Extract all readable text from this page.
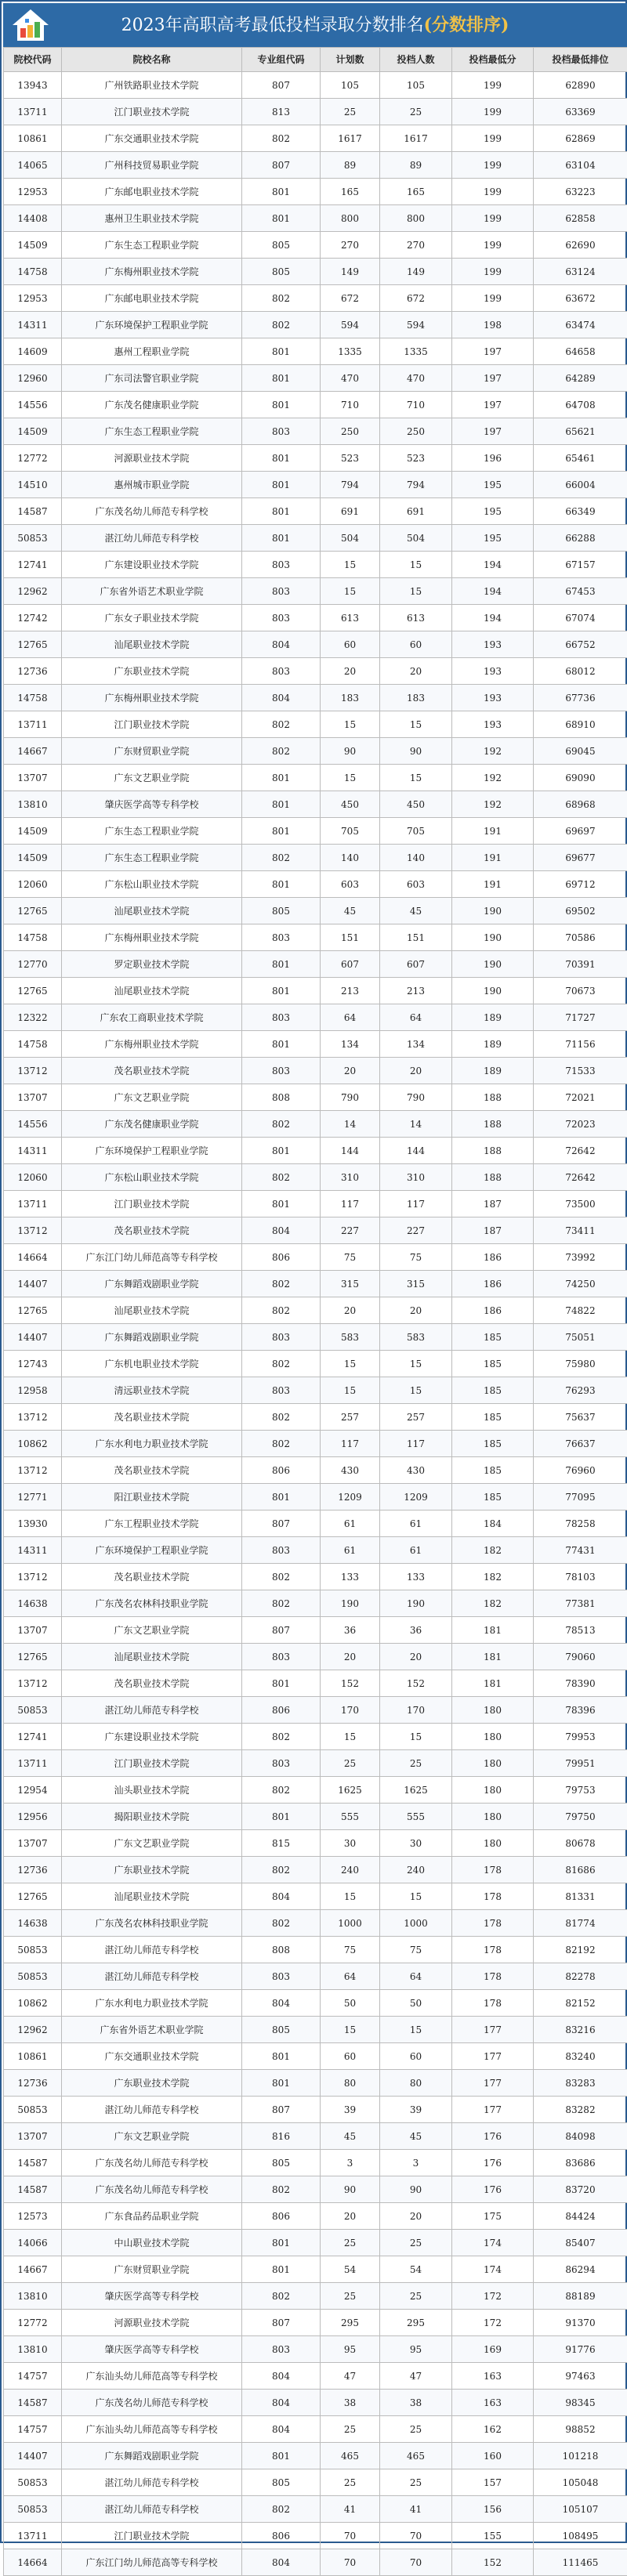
2023年高职高考最低投档录取分数排名(分数排序)
院校代码	院校名称	专业组代码	计划数	投档人数	投档最低分	投档最低排位
13943	广州铁路职业技术学院	807	105	105	199	62890
13711	江门职业技术学院	813	25	25	199	63369
10861	广东交通职业技术学院	802	1617	1617	199	62869
14065	广州科技贸易职业学院	807	89	89	199	63104
12953	广东邮电职业技术学院	801	165	165	199	63223
14408	惠州卫生职业技术学院	801	800	800	199	62858
14509	广东生态工程职业学院	805	270	270	199	62690
14758	广东梅州职业技术学院	805	149	149	199	63124
12953	广东邮电职业技术学院	802	672	672	199	63672
14311	广东环境保护工程职业学院	802	594	594	198	63474
14609	惠州工程职业学院	801	1335	1335	197	64658
12960	广东司法警官职业学院	801	470	470	197	64289
14556	广东茂名健康职业学院	801	710	710	197	64708
14509	广东生态工程职业学院	803	250	250	197	65621
12772	河源职业技术学院	801	523	523	196	65461
14510	惠州城市职业学院	801	794	794	195	66004
14587	广东茂名幼儿师范专科学校	801	691	691	195	66349
50853	湛江幼儿师范专科学校	801	504	504	195	66288
12741	广东建设职业技术学院	803	15	15	194	67157
12962	广东省外语艺术职业学院	803	15	15	194	67453
12742	广东女子职业技术学院	803	613	613	194	67074
12765	汕尾职业技术学院	804	60	60	193	66752
12736	广东职业技术学院	803	20	20	193	68012
14758	广东梅州职业技术学院	804	183	183	193	67736
13711	江门职业技术学院	802	15	15	193	68910
14667	广东财贸职业学院	802	90	90	192	69045
13707	广东文艺职业学院	801	15	15	192	69090
13810	肇庆医学高等专科学校	801	450	450	192	68968
14509	广东生态工程职业学院	801	705	705	191	69697
14509	广东生态工程职业学院	802	140	140	191	69677
12060	广东松山职业技术学院	801	603	603	191	69712
12765	汕尾职业技术学院	805	45	45	190	69502
14758	广东梅州职业技术学院	803	151	151	190	70586
12770	罗定职业技术学院	801	607	607	190	70391
12765	汕尾职业技术学院	801	213	213	190	70673
12322	广东农工商职业技术学院	803	64	64	189	71727
14758	广东梅州职业技术学院	801	134	134	189	71156
13712	茂名职业技术学院	803	20	20	189	71533
13707	广东文艺职业学院	808	790	790	188	72021
14556	广东茂名健康职业学院	802	14	14	188	72023
14311	广东环境保护工程职业学院	801	144	144	188	72642
12060	广东松山职业技术学院	802	310	310	188	72642
13711	江门职业技术学院	801	117	117	187	73500
13712	茂名职业技术学院	804	227	227	187	73411
14664	广东江门幼儿师范高等专科学校	806	75	75	186	73992
14407	广东舞蹈戏剧职业学院	802	315	315	186	74250
12765	汕尾职业技术学院	802	20	20	186	74822
14407	广东舞蹈戏剧职业学院	803	583	583	185	75051
12743	广东机电职业技术学院	802	15	15	185	75980
12958	清远职业技术学院	803	15	15	185	76293
13712	茂名职业技术学院	802	257	257	185	75637
10862	广东水利电力职业技术学院	802	117	117	185	76637
13712	茂名职业技术学院	806	430	430	185	76960
12771	阳江职业技术学院	801	1209	1209	185	77095
13930	广东工程职业技术学院	807	61	61	184	78258
14311	广东环境保护工程职业学院	803	61	61	182	77431
13712	茂名职业技术学院	802	133	133	182	78103
14638	广东茂名农林科技职业学院	802	190	190	182	77381
13707	广东文艺职业学院	807	36	36	181	78513
12765	汕尾职业技术学院	803	20	20	181	79060
13712	茂名职业技术学院	801	152	152	181	78390
50853	湛江幼儿师范专科学校	806	170	170	180	78396
12741	广东建设职业技术学院	802	15	15	180	79953
13711	江门职业技术学院	803	25	25	180	79951
12954	汕头职业技术学院	802	1625	1625	180	79753
12956	揭阳职业技术学院	801	555	555	180	79750
13707	广东文艺职业学院	815	30	30	180	80678
12736	广东职业技术学院	802	240	240	178	81686
12765	汕尾职业技术学院	804	15	15	178	81331
14638	广东茂名农林科技职业学院	802	1000	1000	178	81774
50853	湛江幼儿师范专科学校	808	75	75	178	82192
50853	湛江幼儿师范专科学校	803	64	64	178	82278
10862	广东水利电力职业技术学院	804	50	50	178	82152
12962	广东省外语艺术职业学院	805	15	15	177	83216
10861	广东交通职业技术学院	801	60	60	177	83240
12736	广东职业技术学院	801	80	80	177	83283
50853	湛江幼儿师范专科学校	807	39	39	177	83282
13707	广东文艺职业学院	816	45	45	176	84098
14587	广东茂名幼儿师范专科学校	805	3	3	176	83686
14587	广东茂名幼儿师范专科学校	802	90	90	176	83720
12573	广东食品药品职业学院	806	20	20	175	84424
14066	中山职业技术学院	801	25	25	174	85407
14667	广东财贸职业学院	801	54	54	174	86294
13810	肇庆医学高等专科学校	802	25	25	172	88189
12772	河源职业技术学院	807	295	295	172	91370
13810	肇庆医学高等专科学校	803	95	95	169	91776
14757	广东汕头幼儿师范高等专科学校	804	47	47	163	97463
14587	广东茂名幼儿师范专科学校	804	38	38	163	98345
14757	广东汕头幼儿师范高等专科学校	804	25	25	162	98852
14407	广东舞蹈戏剧职业学院	801	465	465	160	101218
50853	湛江幼儿师范专科学校	805	25	25	157	105048
50853	湛江幼儿师范专科学校	802	41	41	156	105107
13711	江门职业技术学院	806	70	70	155	108495
14664	广东江门幼儿师范高等专科学校	804	70	70	152	111465
